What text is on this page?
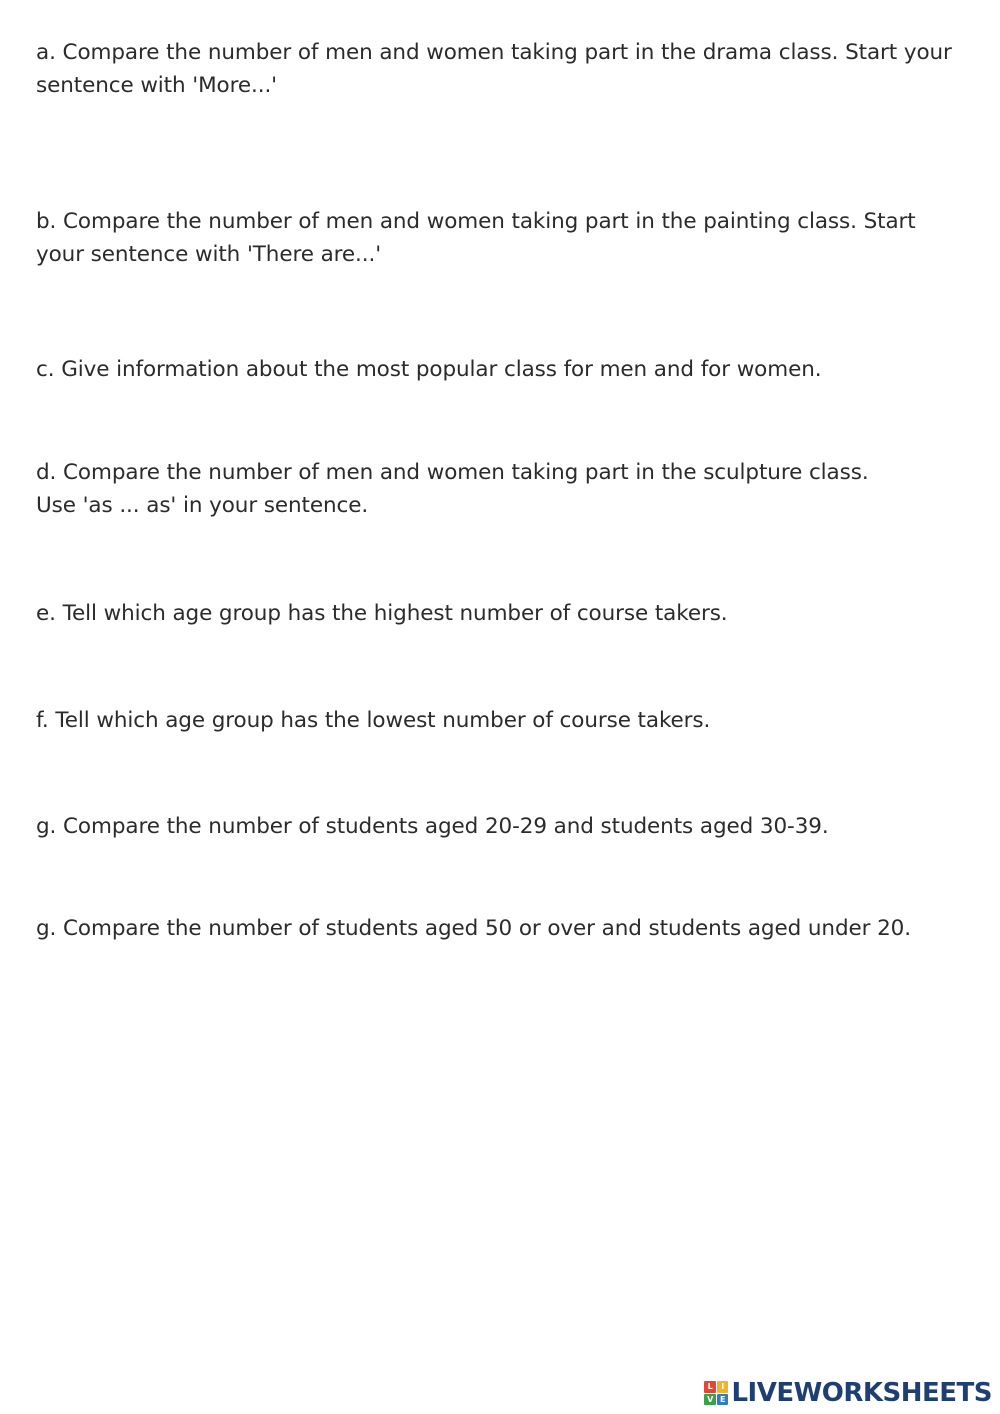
a. Compare the number of men and women taking part in the drama class. Start your
sentence with 'More...'

b. Compare the number of men and women taking part in the painting class. Start
your sentence with 'There are...'

c. Give information about the most popular class for men and for women.

d. Compare the number of men and women taking part in the sculpture class.
Use 'as ... as' in your sentence.

e. Tell which age group has the highest number of course takers.

f. Tell which age group has the lowest number of course takers.

g. Compare the number of students aged 20-29 and students aged 30-39.

g. Compare the number of students aged 50 or over and students aged under 20.

L	I
V E LIVEWORKSHEETS
